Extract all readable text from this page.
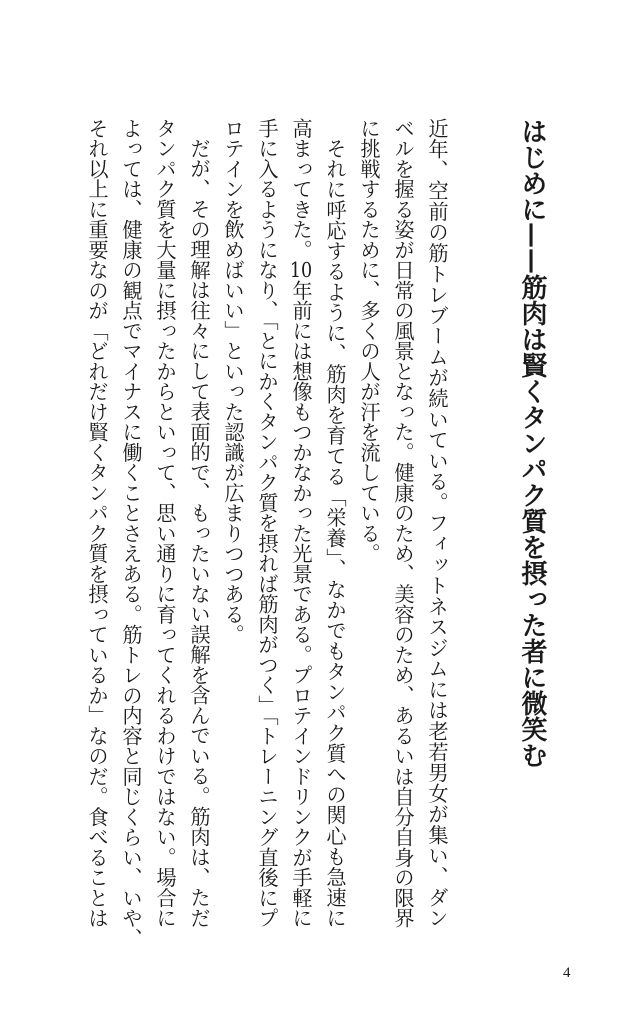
はじめに——筋肉は賢くタンパク質を摂った者に微笑む

近年、空前の筋トレブームが続いている。フィットネスジムには老若男女が集い、ダン

ベルを握る姿が日常の風景となった。健康のため、美容のため、あるいは自分自身の限界

に挑戦するために、多くの人が汗を流している。

それに呼応するように、筋肉を育てる「栄養」、なかでもタンパク質への関心も急速に

高まってきた。10年前には想像もつかなかった光景である。プロテインドリンクが手軽に

手に入るようになり、「とにかくタンパク質を摂れば筋肉がつく」「トレーニング直後にプ

ロテインを飲めばいい」といった認識が広まりつつある。

だが、その理解は往々にして表面的で、もったいない誤解を含んでいる。筋肉は、ただ

タンパク質を大量に摂ったからといって、思い通りに育ってくれるわけではない。場合に

よっては、健康の観点でマイナスに働くことさえある。筋トレの内容と同じくらい、いや、

それ以上に重要なのが「どれだけ賢くタンパク質を摂っているか」なのだ。食べることは

4
